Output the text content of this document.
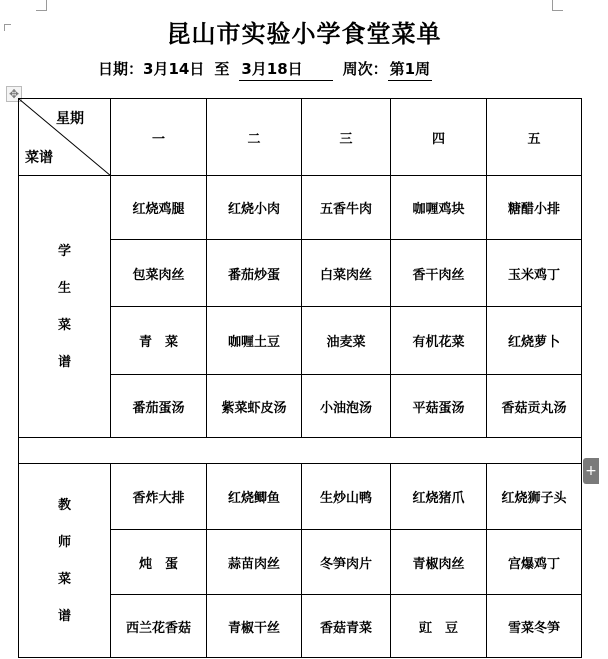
昆山市实验小学食堂菜单
日期：3月14日 至 3月18日	周次： 第1周
✥
+
星期
菜谱	一	二	三	四	五

学
生
菜
谱	红烧鸡腿	红烧小肉	五香牛肉	咖喱鸡块	糖醋小排
	包菜肉丝	番茄炒蛋	白菜肉丝	香干肉丝	玉米鸡丁
	青　菜	咖喱土豆	油麦菜	有机花菜	红烧萝卜
	番茄蛋汤	紫菜虾皮汤	小油泡汤	平菇蛋汤	香菇贡丸汤

教
师
菜
谱	香炸大排	红烧鲫鱼	生炒山鸭	红烧猪爪	红烧狮子头
	炖　蛋	蒜苗肉丝	冬笋肉片	青椒肉丝	宫爆鸡丁
	西兰花香菇	青椒干丝	香菇青菜	豇　豆	雪菜冬笋
